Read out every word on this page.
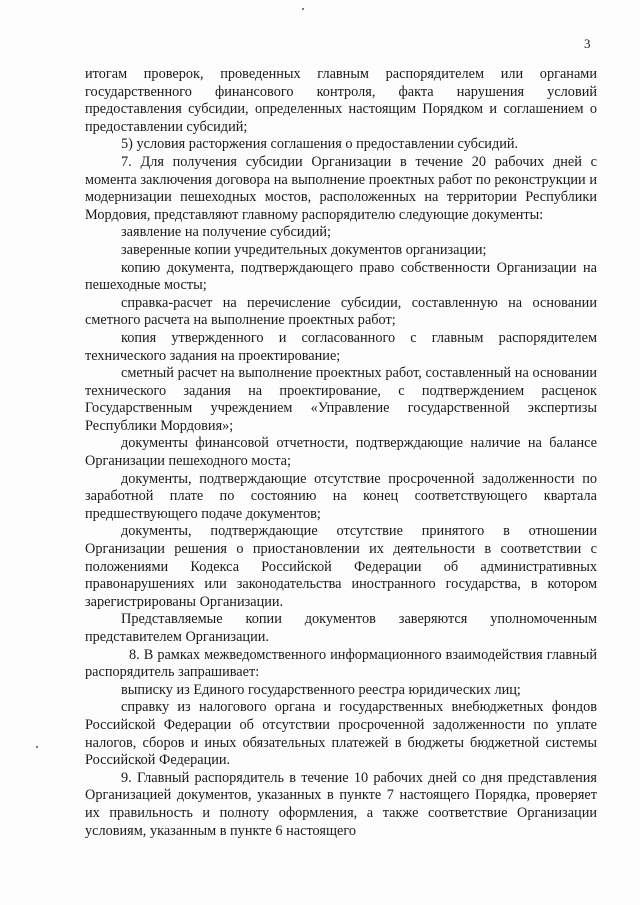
3

итогам проверок, проведенных главным распорядителем или органами государственного финансового контроля, факта нарушения условий предоставления субсидии, определенных настоящим Порядком и соглашением о предоставлении субсидий;

5) условия расторжения соглашения о предоставлении субсидий.

7. Для получения субсидии Организации в течение 20 рабочих дней с момента заключения договора на выполнение проектных работ по реконструкции и модернизации пешеходных мостов, расположенных на территории Республики Мордовия, представляют главному распорядителю следующие документы:

заявление на получение субсидий;

заверенные копии учредительных документов организации;

копию документа, подтверждающего право собственности Организации на пешеходные мосты;

справка-расчет на перечисление субсидии, составленную на основании сметного расчета на выполнение проектных работ;

копия утвержденного и согласованного с главным распорядителем технического задания на проектирование;

сметный расчет на выполнение проектных работ, составленный на основании технического задания на проектирование, с подтверждением расценок Государственным учреждением «Управление государственной экспертизы Республики Мордовия»;

документы финансовой отчетности, подтверждающие наличие на балансе Организации пешеходного моста;

документы, подтверждающие отсутствие просроченной задолженности по заработной плате по состоянию на конец соответствующего квартала предшествующего подаче документов;

документы, подтверждающие отсутствие принятого в отношении Организации решения о приостановлении их деятельности в соответствии с положениями Кодекса Российской Федерации об административных правонарушениях или законодательства иностранного государства, в котором зарегистрированы Организации.

Представляемые копии документов заверяются уполномоченным представителем Организации.

8. В рамках межведомственного информационного взаимодействия главный распорядитель запрашивает:

выписку из Единого государственного реестра юридических лиц;

справку из налогового органа и государственных внебюджетных фондов Российской Федерации об отсутствии просроченной задолженности по уплате налогов, сборов и иных обязательных платежей в бюджеты бюджетной системы Российской Федерации.

9. Главный распорядитель в течение 10 рабочих дней со дня представления Организацией документов, указанных в пункте 7 настоящего Порядка, проверяет их правильность и полноту оформления, а также соответствие Организации условиям, указанным в пункте 6 настоящего
